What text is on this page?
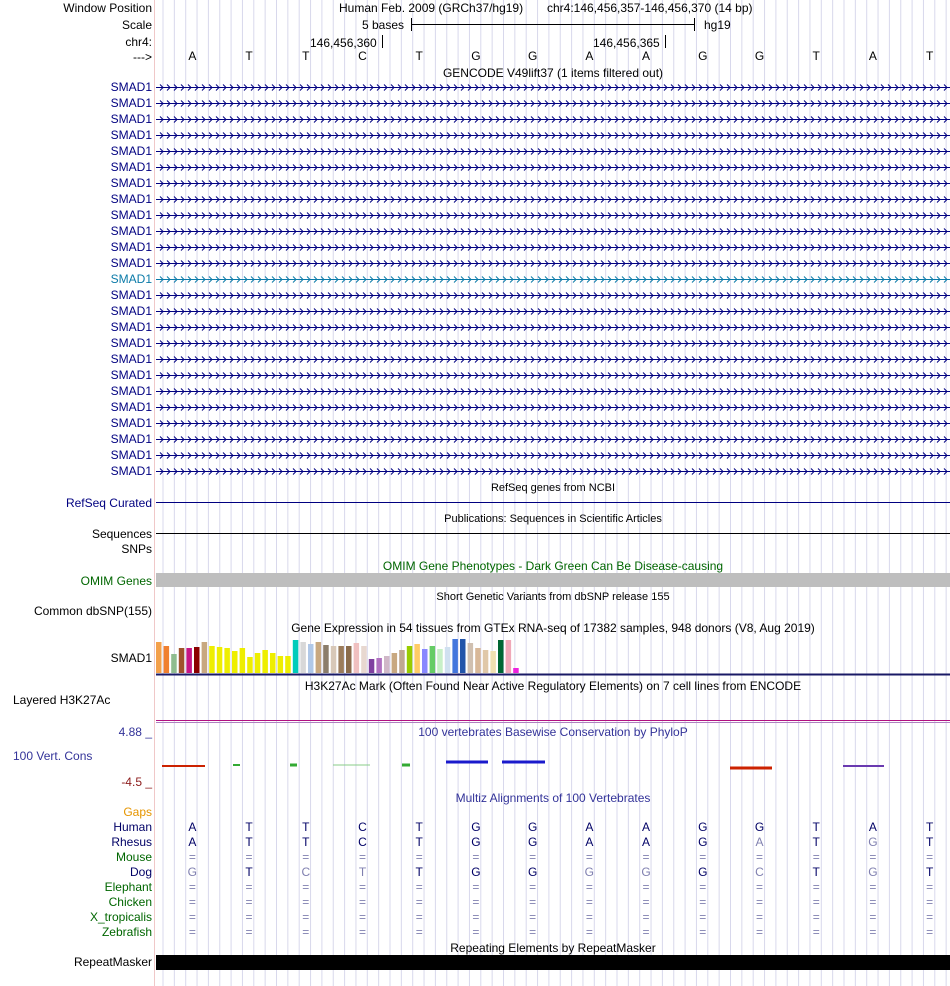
Window Position
Scale
chr4:
--->
Human Feb. 2009 (GRCh37/hg19) chr4:146,456,357-146,456,370 (14 bp)
5 bases	hg19
146,456,360	146,456,365
A	T	T	C	T	G	G	A	A	G	G	T	A	T
GENCODE V49lift37 (1 items filtered out)
SMAD1
SMAD1
SMAD1
SMAD1
SMAD1
SMAD1
SMAD1
SMAD1
SMAD1
SMAD1
SMAD1
SMAD1
SMAD1
SMAD1
SMAD1
SMAD1
SMAD1
SMAD1
SMAD1
SMAD1
SMAD1
SMAD1
SMAD1
SMAD1
SMAD1
RefSeq Curated
RefSeq genes from NCBI
Publications: Sequences in Scientific Articles
Sequences
SNPs
OMIM Gene Phenotypes - Dark Green Can Be Disease-causing
OMIM Genes
Short Genetic Variants from dbSNP release 155
Common dbSNP(155)
Gene Expression in 54 tissues from GTEx RNA-seq of 17382 samples, 948 donors (V8, Aug 2019)
SMAD1
H3K27Ac Mark (Often Found Near Active Regulatory Elements) on 7 cell lines from ENCODE
Layered H3K27Ac
100 vertebrates Basewise Conservation by PhyloP
4.88 _
100 Vert. Cons
-4.5 _
Multiz Alignments of 100 Vertebrates
Gaps
Human	A	T	T	C	T	G	G	A	A	G	G	T	A	T
Rhesus	A	T	T	C	T	G	G	A	A	G	A	T	G	T
Mouse	=	=	=	=	=	=	=	=	=	=	=	=	=	=
Dog	G	T	C	T	T	G	G	G	G	G	C	T	G	T
Elephant	=	=	=	=	=	=	=	=	=	=	=	=	=	=
Chicken	=	=	=	=	=	=	=	=	=	=	=	=	=	=
X_tropicalis	=	=	=	=	=	=	=	=	=	=	=	=	=	=
Zebrafish	=	=	=	=	=	=	=	=	=	=	=	=	=	=
Repeating Elements by RepeatMasker
RepeatMasker
